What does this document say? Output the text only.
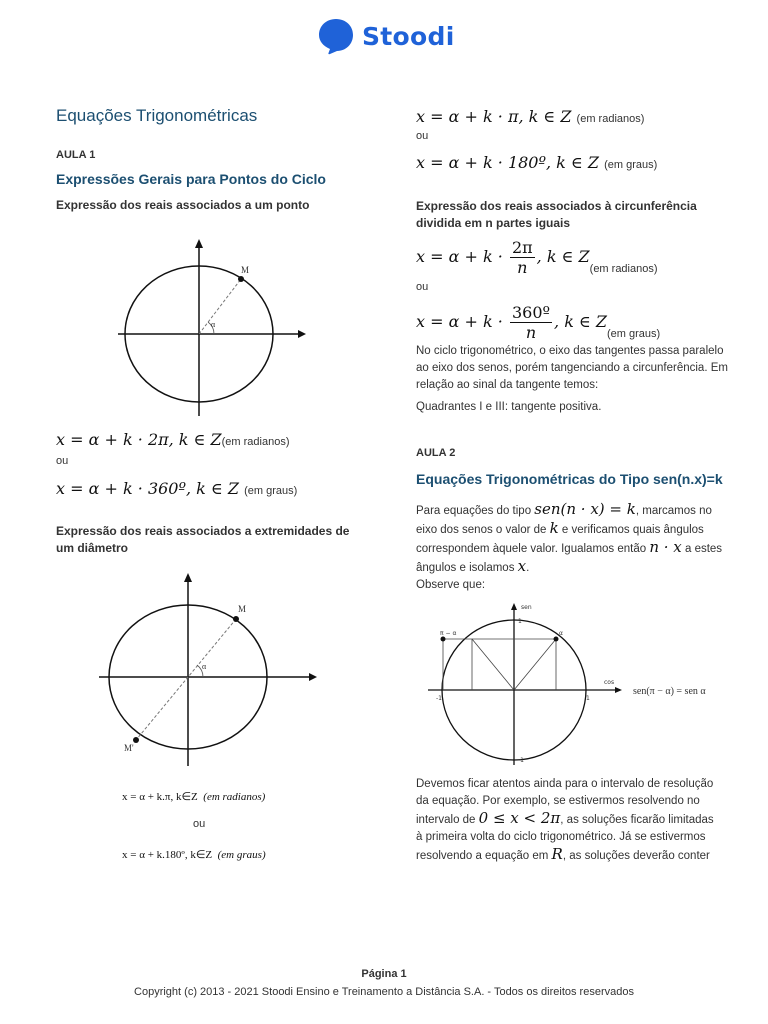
Stoodi
Equações Trigonométricas
AULA 1
Expressões Gerais para Pontos do Ciclo
Expressão dos reais associados a um ponto
M
α
x = α + k · 2π, k ∈ Z(em radianos)
ou
x = α + k · 360º, k ∈ Z (em graus)
Expressão dos reais associados a extremidades de
um diâmetro
M
M'
α
x = α + k.π, k∈Z (em radianos)
ou
x = α + k.180º, k∈Z (em graus)
x = α + k · π, k ∈ Z (em radianos)
ou
x = α + k · 180º, k ∈ Z (em graus)
Expressão dos reais associados à circunferência
dividida em n partes iguais
$x = \alpha + k \cdot \frac{2\pi}{n}$ , k ∈ $Z_{(em radianos)}$
ou
$x = \alpha + k \cdot \frac{\text{360º}}{n}$ , k ∈ $Z_{(em graus)}$
No ciclo trigonométrico, o eixo das tangentes passa paralelo
ao eixo dos senos, porém tangenciando a circunferência. Em
relação ao sinal da tangente temos:
Quadrantes I e III: tangente positiva.
AULA 2
Equações Trigonométricas do Tipo sen(n.x)=k
Para equações do tipo sen(n · x) = k, marcamos no
eixo dos senos o valor de k e verificamos quais ângulos
correspondem àquele valor. Igualamos então n · x a estes
ângulos e isolamos x.
Observe que:
sen
cos
π − α	α
1
1
-1
-1
sen(π − α) = sen α
Devemos ficar atentos ainda para o intervalo de resolução
da equação. Por exemplo, se estivermos resolvendo no
intervalo de 0 ≤ x < 2π, as soluções ficarão limitadas
à primeira volta do ciclo trigonométrico. Já se estivermos
resolvendo a equação em R, as soluções deverão conter
Página 1
Copyright (c) 2013 - 2021 Stoodi Ensino e Treinamento a Distância S.A. - Todos os direitos reservados
